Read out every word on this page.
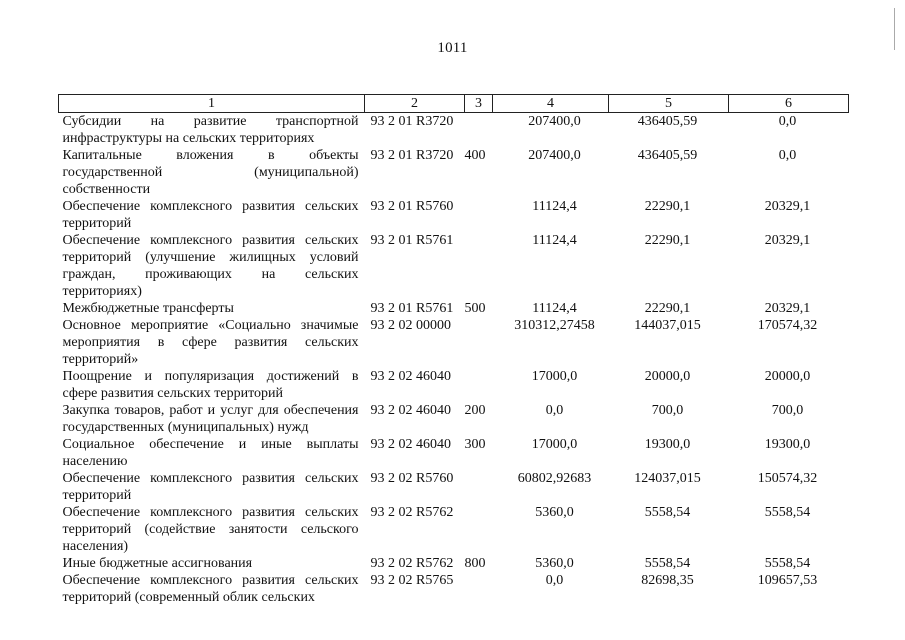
1011
1	2	3	4	5	6
Субсидии на развитие транспортной инфраструктуры на сельских территориях	93 2 01 R3720		207400,0	436405,59	0,0
Капитальные вложения в объекты государственной (муниципальной) собственности	93 2 01 R3720	400	207400,0	436405,59	0,0
Обеспечение комплексного развития сельских территорий	93 2 01 R5760		11124,4	22290,1	20329,1
Обеспечение комплексного развития сельских территорий (улучшение жилищных условий граждан, проживающих на сельских территориях)	93 2 01 R5761		11124,4	22290,1	20329,1
Межбюджетные трансферты	93 2 01 R5761	500	11124,4	22290,1	20329,1
Основное мероприятие «Социально значимые мероприятия в сфере развития сельских территорий»	93 2 02 00000		310312,27458	144037,015	170574,32
Поощрение и популяризация достижений в сфере развития сельских территорий	93 2 02 46040		17000,0	20000,0	20000,0
Закупка товаров, работ и услуг для обеспечения государственных (муниципальных) нужд	93 2 02 46040	200	0,0	700,0	700,0
Социальное обеспечение и иные выплаты населению	93 2 02 46040	300	17000,0	19300,0	19300,0
Обеспечение комплексного развития сельских территорий	93 2 02 R5760		60802,92683	124037,015	150574,32
Обеспечение комплексного развития сельских территорий (содействие занятости сельского населения)	93 2 02 R5762		5360,0	5558,54	5558,54
Иные бюджетные ассигнования	93 2 02 R5762	800	5360,0	5558,54	5558,54
Обеспечение комплексного развития сельских территорий (современный облик сельских	93 2 02 R5765		0,0	82698,35	109657,53
